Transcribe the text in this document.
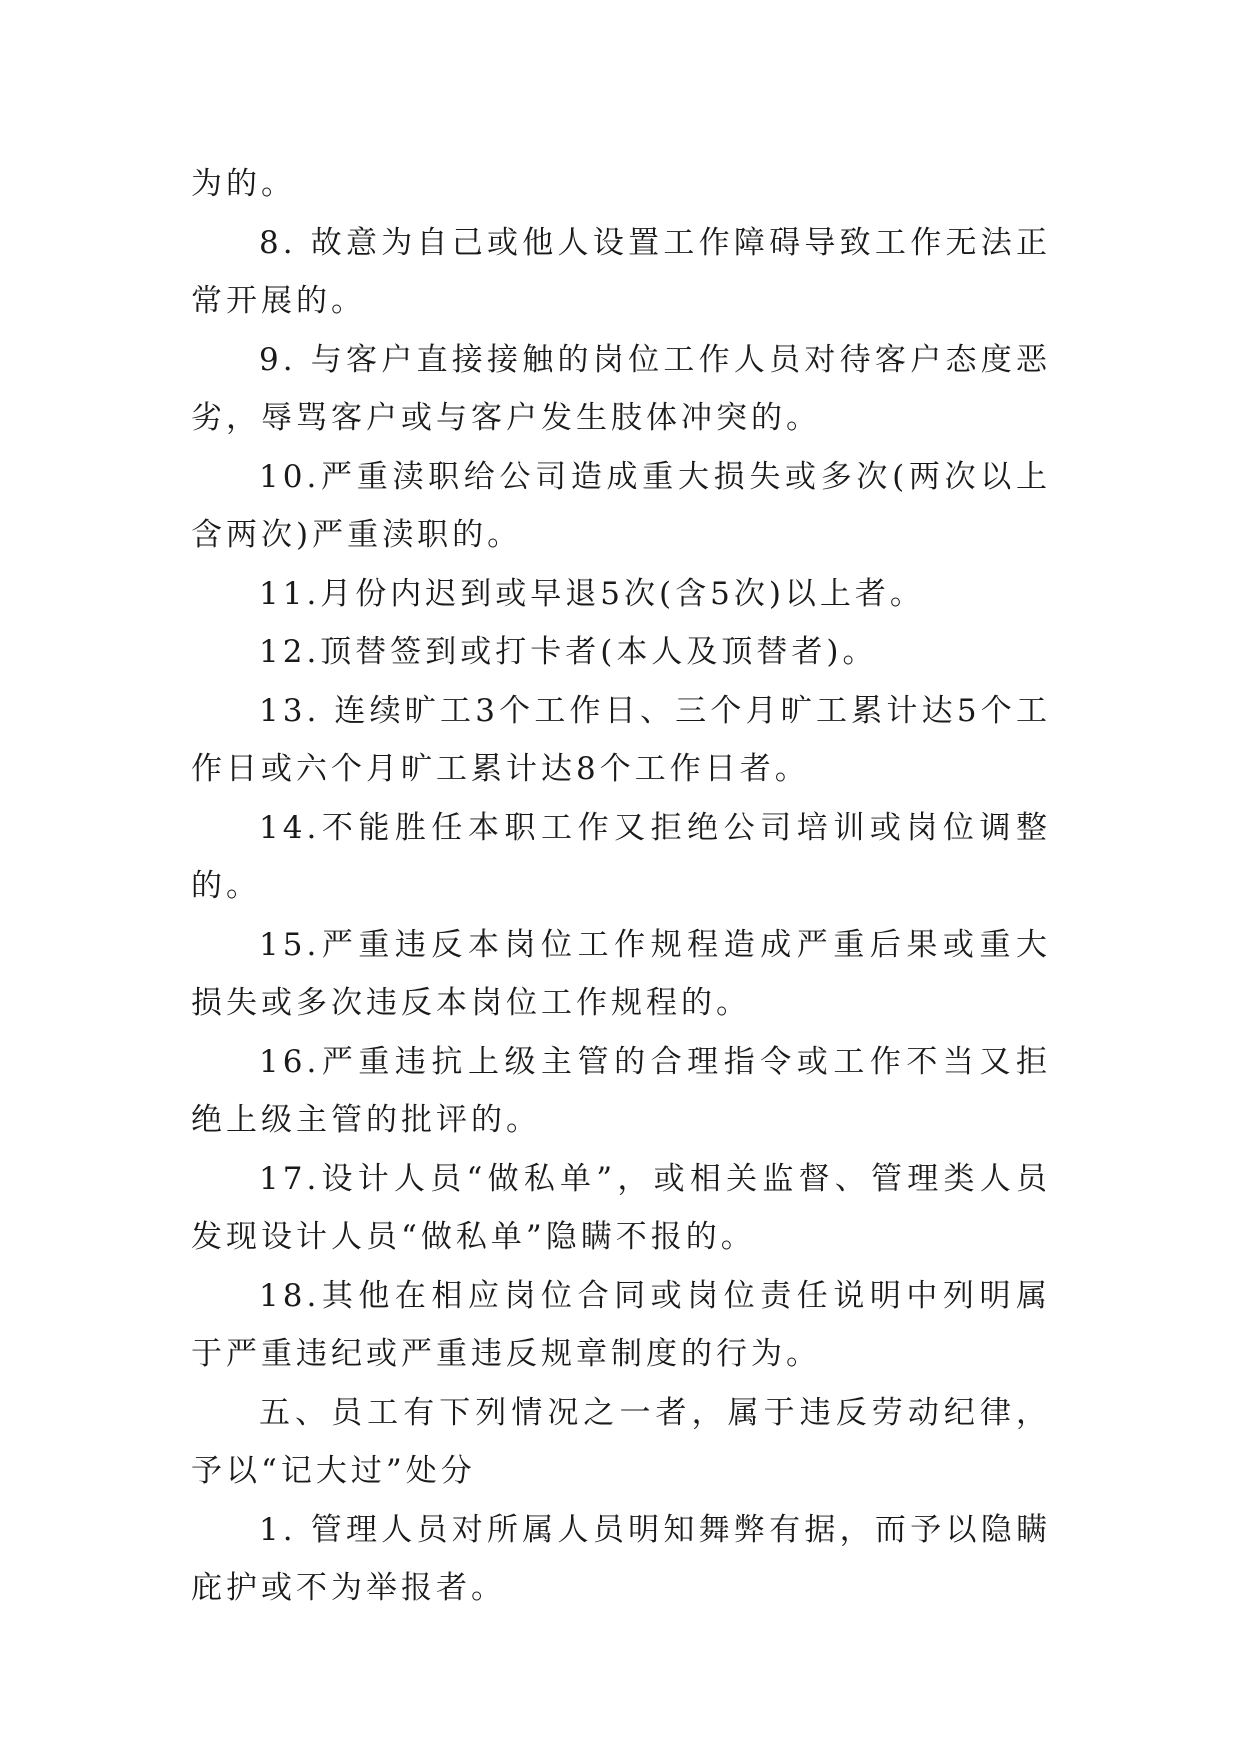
为的。

8. 故意为自己或他人设置工作障碍导致工作无法正常开展的。

9. 与客户直接接触的岗位工作人员对待客户态度恶劣，辱骂客户或与客户发生肢体冲突的。

10.严重渎职给公司造成重大损失或多次(两次以上含两次)严重渎职的。

11.月份内迟到或早退5次(含5次)以上者。

12.顶替签到或打卡者(本人及顶替者)。

13. 连续旷工3个工作日、三个月旷工累计达5个工作日或六个月旷工累计达8个工作日者。

14.不能胜任本职工作又拒绝公司培训或岗位调整的。

15.严重违反本岗位工作规程造成严重后果或重大损失或多次违反本岗位工作规程的。

16.严重违抗上级主管的合理指令或工作不当又拒绝上级主管的批评的。

17.设计人员“做私单”，或相关监督、管理类人员发现设计人员“做私单”隐瞒不报的。

18.其他在相应岗位合同或岗位责任说明中列明属于严重违纪或严重违反规章制度的行为。

五、员工有下列情况之一者，属于违反劳动纪律，予以“记大过”处分

1. 管理人员对所属人员明知舞弊有据，而予以隐瞒庇护或不为举报者。
